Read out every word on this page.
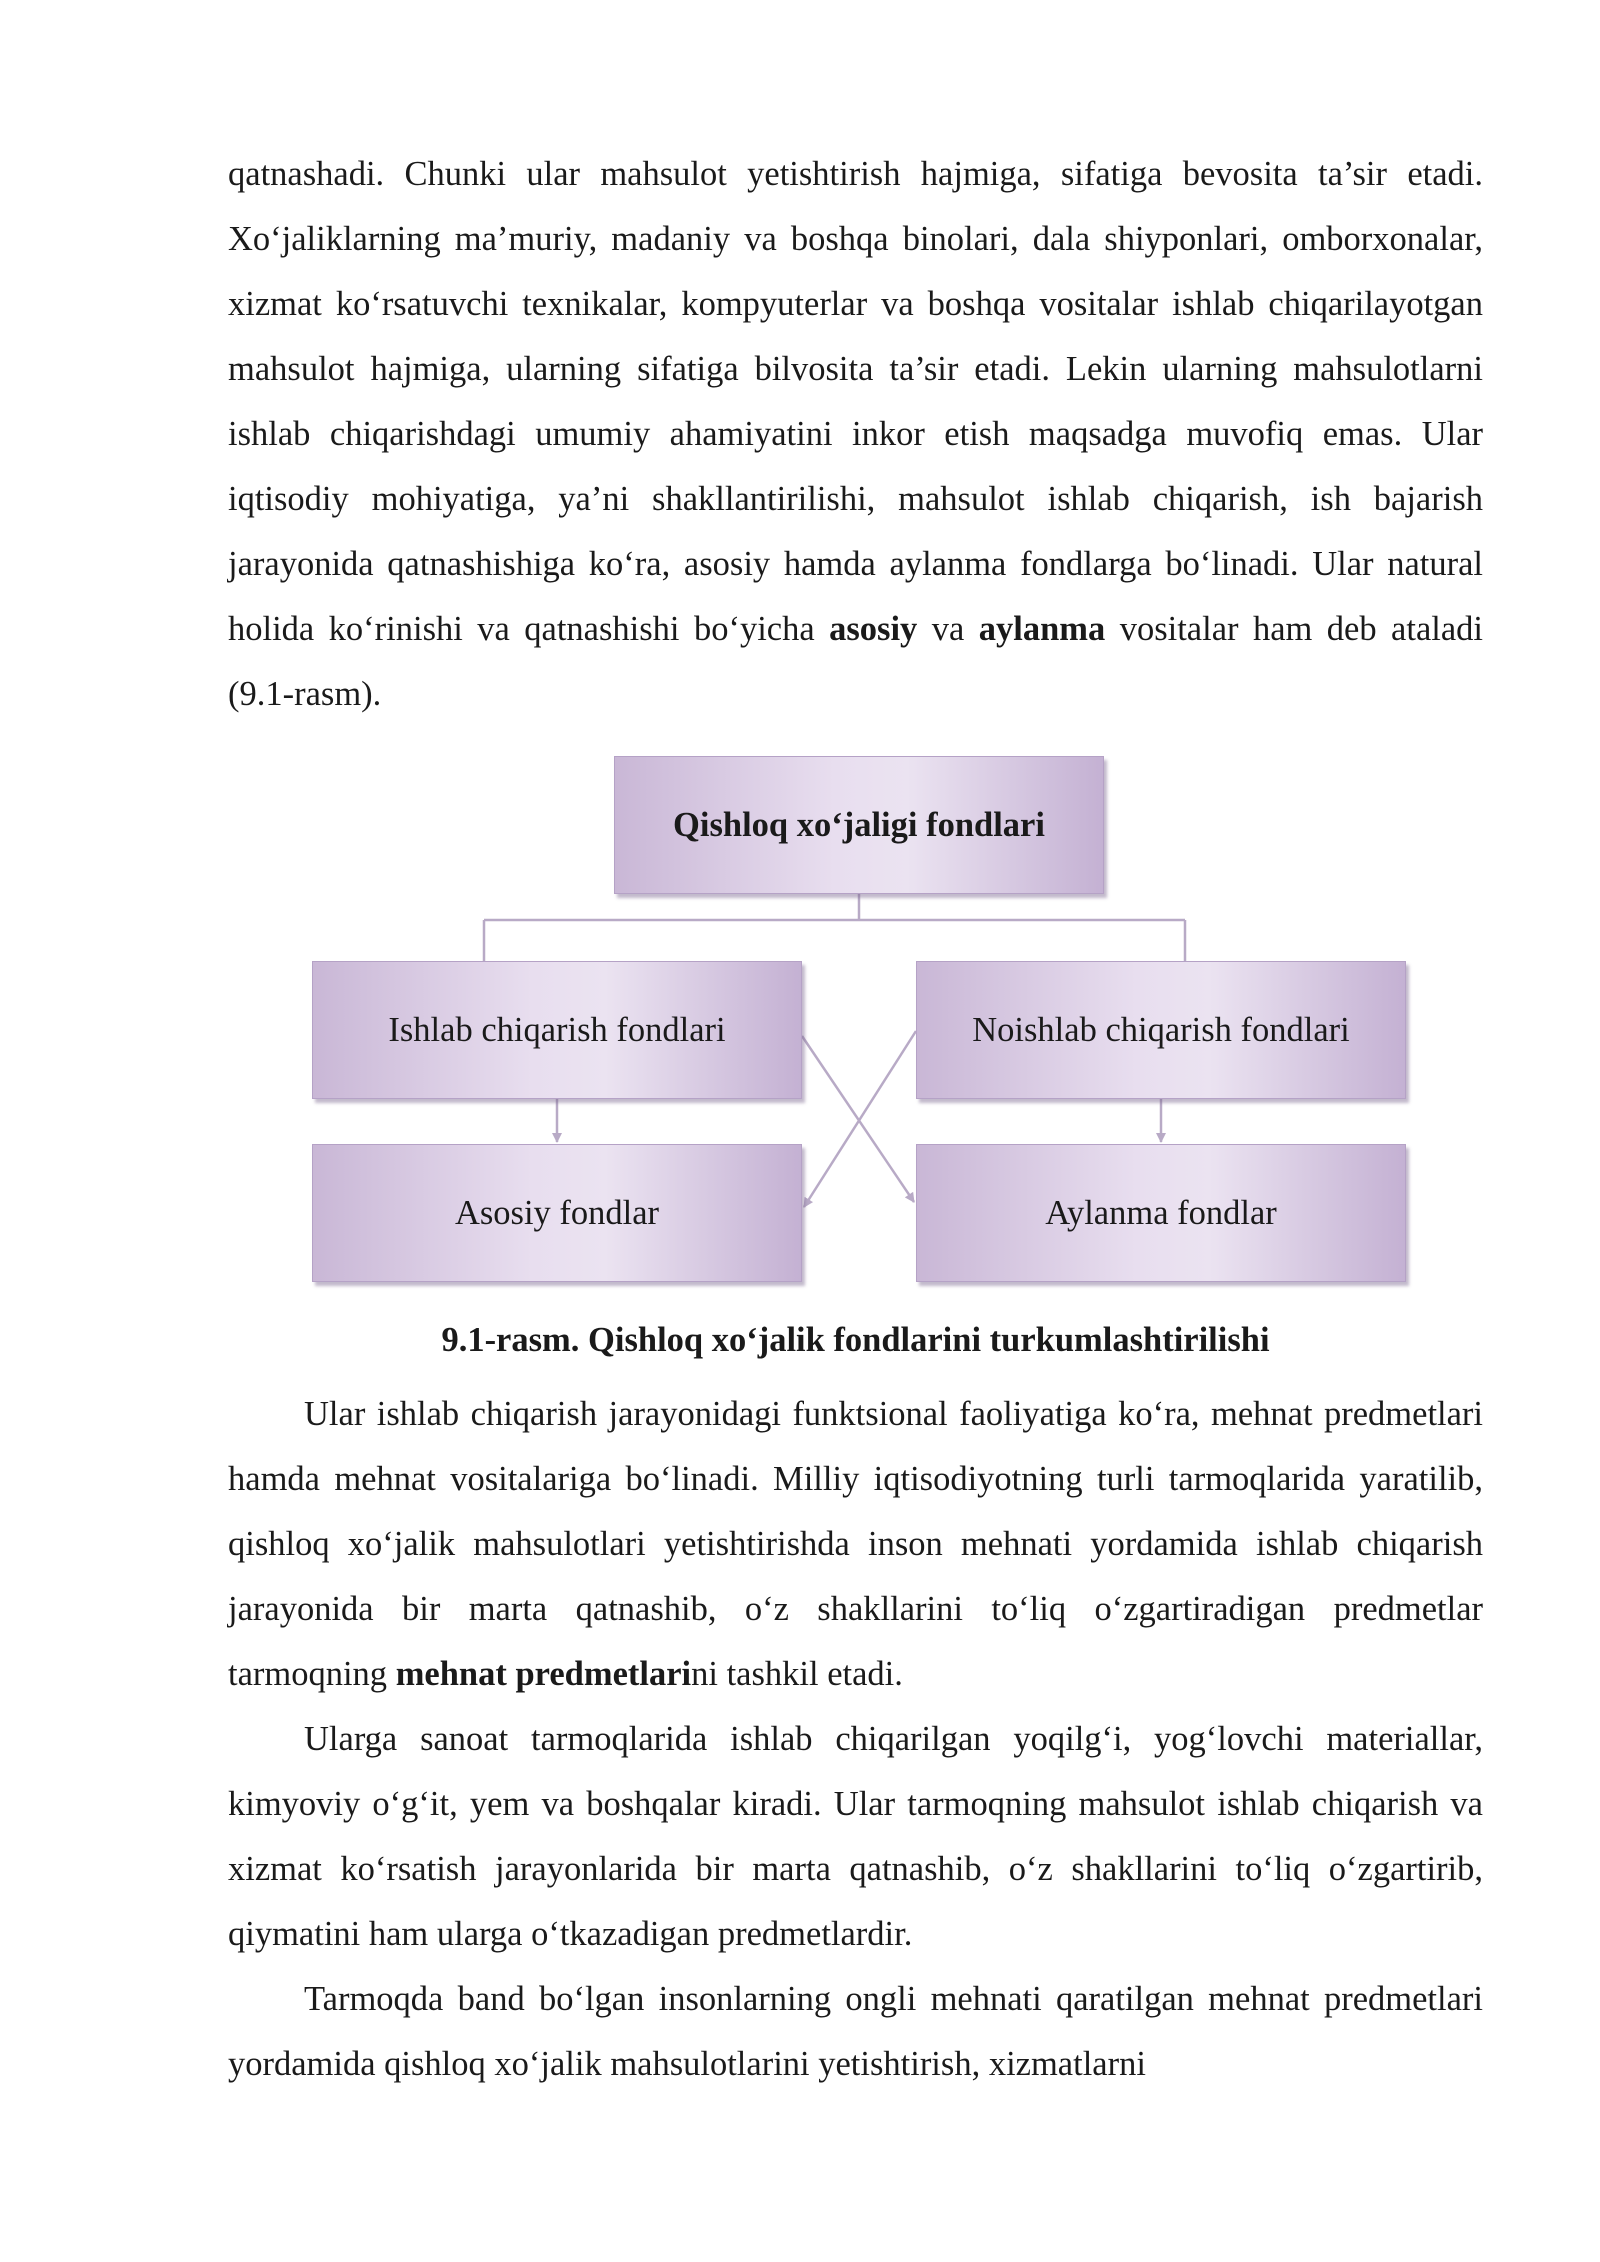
qatnashadi. Chunki ular mahsulot yetishtirish hajmiga, sifatiga bevosita ta’sir etadi. Xo‘jaliklarning ma’muriy, madaniy va boshqa binolari, dala shiyponlari, omborxonalar, xizmat ko‘rsatuvchi texnikalar, kompyuterlar va boshqa vositalar ishlab chiqarilayotgan mahsulot hajmiga, ularning sifatiga bilvosita ta’sir etadi. Lekin ularning mahsulotlarni ishlab chiqarishdagi umumiy ahamiyatini inkor etish maqsadga muvofiq emas. Ular iqtisodiy mohiyatiga, ya’ni shakllantirilishi, mahsulot ishlab chiqarish, ish bajarish jarayonida qatnashishiga ko‘ra, asosiy hamda aylanma fondlarga bo‘linadi. Ular natural holida ko‘rinishi va qatnashishi bo‘yicha asosiy va aylanma vositalar ham deb ataladi (9.1-rasm).

Qishloq xo‘jaligi fondlari
Ishlab chiqarish fondlari	Noishlab chiqarish fondlari
Asosiy fondlar	Aylanma fondlar
9.1-rasm. Qishloq xo‘jalik fondlarini turkumlashtirilishi

Ular ishlab chiqarish jarayonidagi funktsional faoliyatiga ko‘ra, mehnat predmetlari hamda mehnat vositalariga bo‘linadi. Milliy iqtisodiyotning turli tarmoqlarida yaratilib, qishloq xo‘jalik mahsulotlari yetishtirishda inson mehnati yordamida ishlab chiqarish jarayonida bir marta qatnashib, o‘z shakllarini to‘liq o‘zgartiradigan predmetlar tarmoqning mehnat predmetlarini tashkil etadi.

Ularga sanoat tarmoqlarida ishlab chiqarilgan yoqilg‘i, yog‘lovchi materiallar, kimyoviy o‘g‘it, yem va boshqalar kiradi. Ular tarmoqning mahsulot ishlab chiqarish va xizmat ko‘rsatish jarayonlarida bir marta qatnashib, o‘z shakllarini to‘liq o‘zgartirib, qiymatini ham ularga o‘tkazadigan predmetlardir.

Tarmoqda band bo‘lgan insonlarning ongli mehnati qaratilgan mehnat predmetlari yordamida qishloq xo‘jalik mahsulotlarini yetishtirish, xizmatlarni
